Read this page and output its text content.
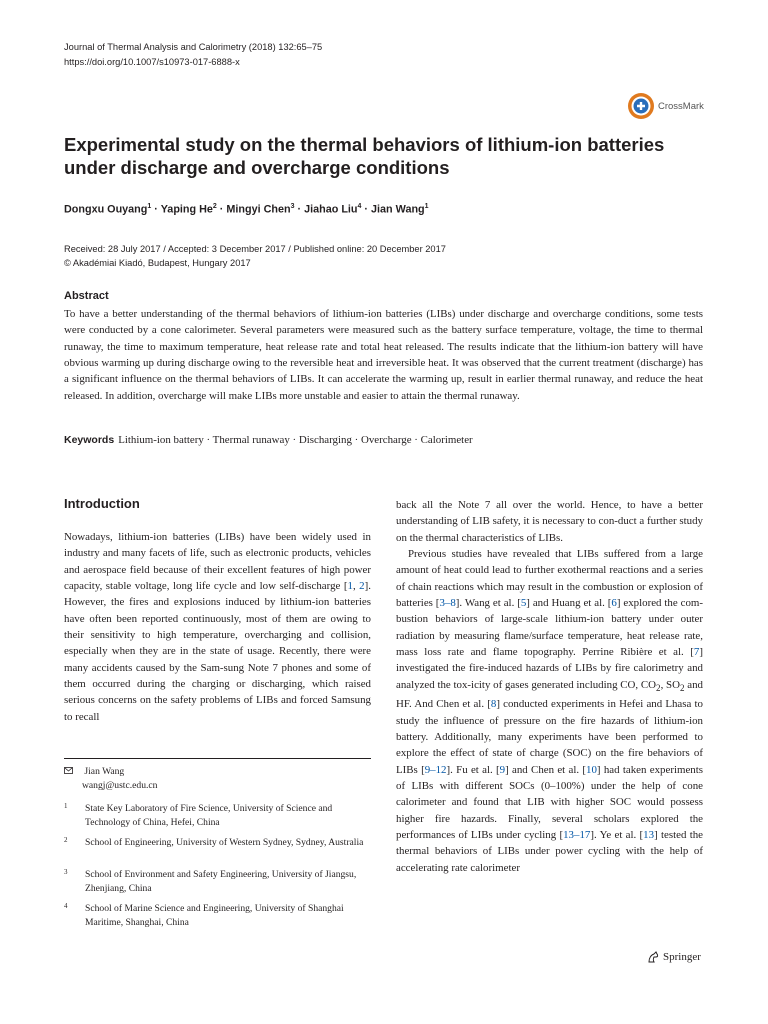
Journal of Thermal Analysis and Calorimetry (2018) 132:65–75
https://doi.org/10.1007/s10973-017-6888-x
CrossMark
Experimental study on the thermal behaviors of lithium-ion batteries under discharge and overcharge conditions
Dongxu Ouyang$^1$ · Yaping $He^2$ · Mingyi Chen$^3$ · Jiahao Liu$^4$ · Jian Wang$^1$
Received: 28 July 2017 / Accepted: 3 December 2017 / Published online: 20 December 2017
© Akadémiai Kiadó, Budapest, Hungary 2017
Abstract
To have a better understanding of the thermal behaviors of lithium-ion batteries (LIBs) under discharge and overcharge conditions, some tests were conducted by a cone calorimeter. Several parameters were measured such as the battery surface temperature, voltage, the time to thermal runaway, the time to maximum temperature, heat release rate and total heat released. The results indicate that the lithium-ion battery will have obvious warming up during discharge owing to the reversible heat and irreversible heat. It was observed that the current treatment (discharge) has a significant influence on the thermal behaviors of LIBs. It can accelerate the warming up, result in earlier thermal runaway, and reduce the heat released. In addition, overcharge will make LIBs more unstable and easier to attain the thermal runaway.
Keywords Lithium-ion battery · Thermal runaway · Discharging · Overcharge · Calorimeter
Introduction

Nowadays, lithium-ion batteries (LIBs) have been widely used in industry and many facets of life, such as electronic products, vehicles and aerospace field because of their excellent features of high power capacity, stable voltage, long life cycle and low self-discharge [1, 2]. However, the fires and explosions induced by lithium-ion batteries have often been reported continuously, most of them are owing to their sensitivity to high temperature, overcharging and collision, especially when they are in the state of usage. Recently, there were many accidents caused by the Sam-sung Note 7 phones and some of them occurred during the charging or discharging, which raised serious concerns on the safety problems of LIBs and forced Samsung to recall

back all the Note 7 all over the world. Hence, to have a better understanding of LIB safety, it is necessary to con-duct a further study on the thermal characteristics of LIBs.

Previous studies have revealed that LIBs suffered from a large amount of heat could lead to further exothermal reactions and a series of chain reactions which may result in the combustion or explosion of batteries [3–8]. Wang et al. [5] and Huang et al. [6] explored the com-bustion behaviors of large-scale lithium-ion battery under outer radiation by measuring flame/surface temperature, heat release rate, mass loss rate and flame topography. Perrine Ribière et al. [7] investigated the fire-induced hazards of LIBs by fire calorimetry and analyzed the tox-icity of gases generated including CO, $CO_2$, $SO_2$ and HF. And Chen et al. [8] conducted experiments in Hefei and Lhasa to study the influence of pressure on the fire hazards of lithium-ion battery. Additionally, many experiments have been performed to explore the effect of state of charge (SOC) on the fire behaviors of LIBs [9–12]. Fu et al. [9] and Chen et al. [10] had taken experiments of LIBs with different SOCs (0–100%) under the help of cone calorimeter and found that LIB with higher SOC would possess higher fire hazards. Finally, several scholars explored the performances of LIBs under cycling [13–17]. Ye et al. [13] tested the thermal behaviors of LIBs under power cycling with the help of accelerating rate calorimeter

Jian Wang
wangj@ustc.edu.cn
1 State Key Laboratory of Fire Science, University of Science and Technology of China, Hefei, China
2 School of Engineering, University of Western Sydney, Sydney, Australia
3 School of Environment and Safety Engineering, University of Jiangsu, Zhenjiang, China
4 School of Marine Science and Engineering, University of Shanghai Maritime, Shanghai, China
Springer
